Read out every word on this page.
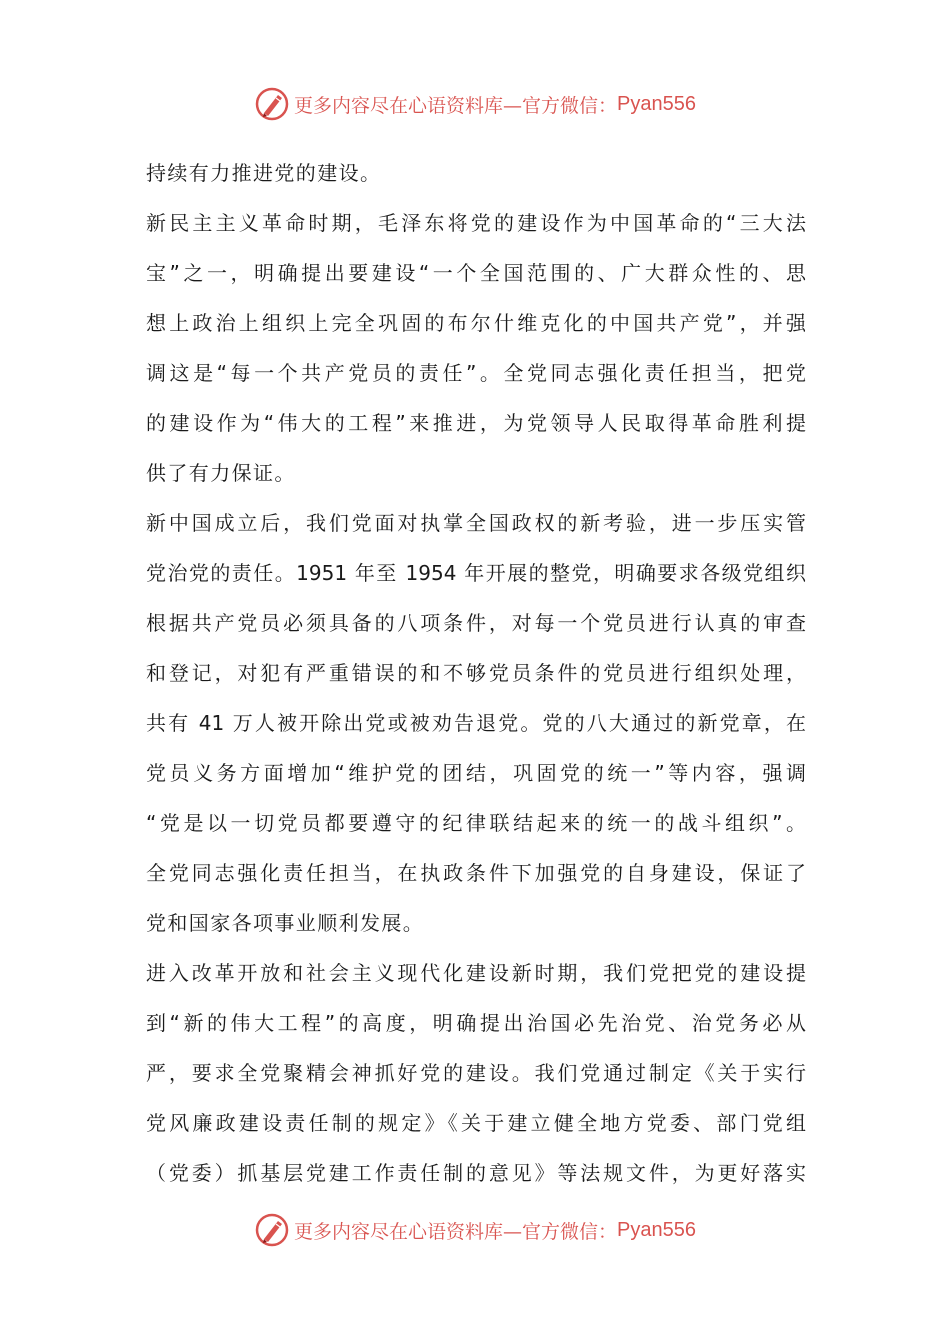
更多内容尽在心语资料库—官方微信： Pyan556
持续有力推进党的建设。
新民主主义革命时期，毛泽东将党的建设作为中国革命的“三大法
宝”之一，明确提出要建设“一个全国范围的、广大群众性的、思
想上政治上组织上完全巩固的布尔什维克化的中国共产党”，并强
调这是“每一个共产党员的责任”。全党同志强化责任担当，把党
的建设作为“伟大的工程”来推进，为党领导人民取得革命胜利提
供了有力保证。
新中国成立后，我们党面对执掌全国政权的新考验，进一步压实管
党治党的责任。1951 年至 1954 年开展的整党，明确要求各级党组织
根据共产党员必须具备的八项条件，对每一个党员进行认真的审查
和登记，对犯有严重错误的和不够党员条件的党员进行组织处理，
共有 41 万人被开除出党或被劝告退党。党的八大通过的新党章，在
党员义务方面增加“维护党的团结，巩固党的统一”等内容，强调
“党是以一切党员都要遵守的纪律联结起来的统一的战斗组织”。
全党同志强化责任担当，在执政条件下加强党的自身建设，保证了
党和国家各项事业顺利发展。
进入改革开放和社会主义现代化建设新时期，我们党把党的建设提
到“新的伟大工程”的高度，明确提出治国必先治党、治党务必从
严，要求全党聚精会神抓好党的建设。我们党通过制定《关于实行
党风廉政建设责任制的规定》《关于建立健全地方党委、部门党组
（党委）抓基层党建工作责任制的意见》等法规文件，为更好落实
更多内容尽在心语资料库—官方微信： Pyan556
